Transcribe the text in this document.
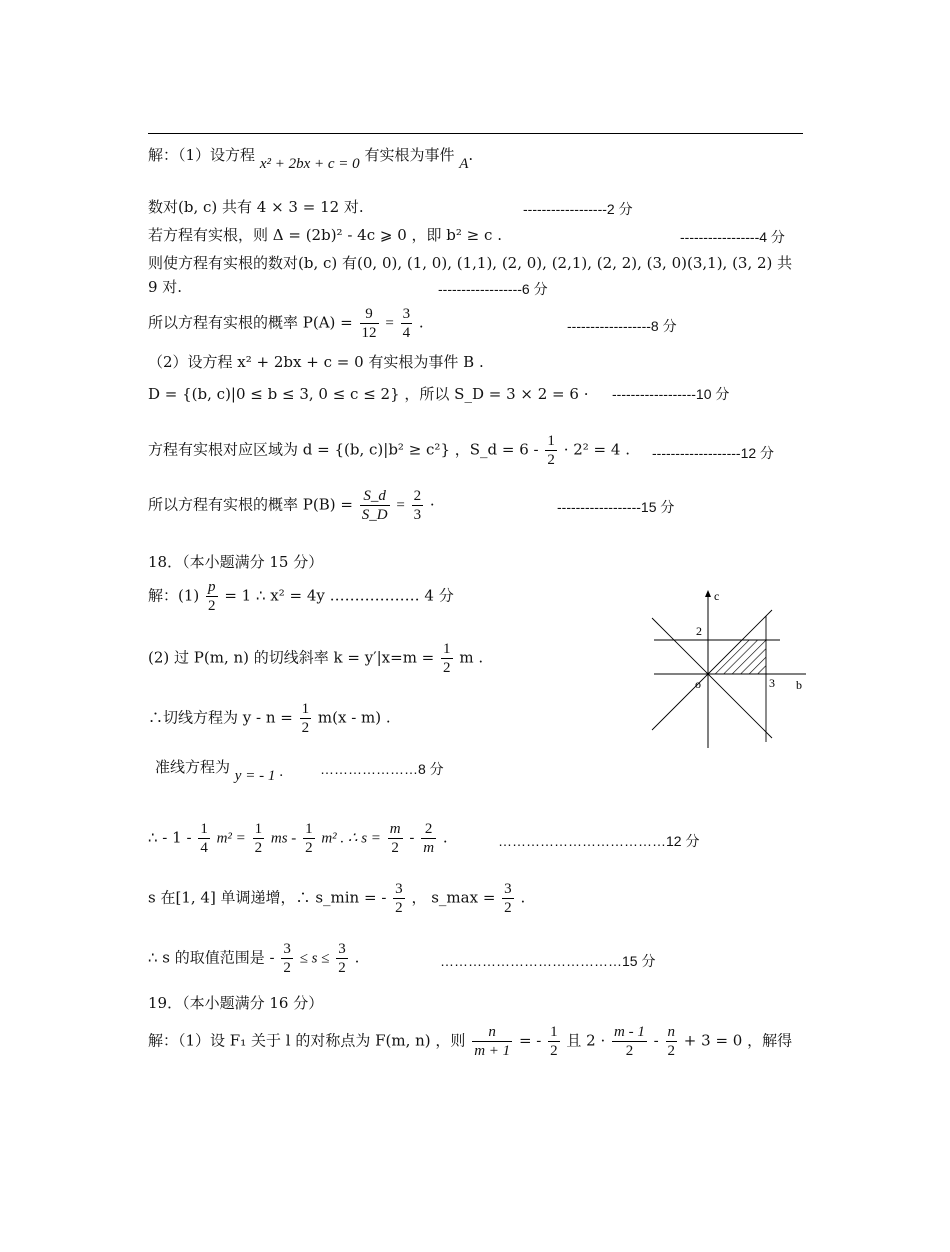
解：（1）设方程 x² + 2bx + c = 0 有实根为事件 A.
数对(b, c) 共有 4 × 3 = 12 对.	------------------2 分
若方程有实根，则 Δ = (2b)² - 4c ⩾ 0 ，即 b² ≥ c .	-----------------4 分
则使方程有实根的数对(b, c) 有(0, 0), (1, 0), (1,1), (2, 0), (2,1), (2, 2), (3, 0)(3,1), (3, 2) 共
9 对.	------------------6 分
所以方程有实根的概率 $P(A) = \frac{9}{12} = \frac{3}{4}$ .	------------------8 分
（2）设方程 x² + 2bx + c = 0 有实根为事件 B .
D = {(b, c)|0 ≤ b ≤ 3, 0 ≤ c ≤ 2} ，所以 S_D = 3 × 2 = 6 · ------------------10 分
方程有实根对应区域为 d = {(b, c)|b² ≥ c²} ，S_d = $6 - \frac{1}{2} \cdot 2^2 = 4$ . -------------------12 分
所以方程有实根的概率 $P(B) = \frac{S\_d}{S\_D} = \frac{2}{3}$ ·	------------------15 分
18．（本小题满分 15 分）
解：$(1) \frac{p}{2} = 1$ ∴ x² = 4y ……………… 4 分
(2) 过 P(m, n) 的切线斜率 $k = y'|x=m = \frac{1}{2}$ m .
∴切线方程为 $y - n = \frac{1}{2} m(x - m)$ .
准线方程为 y = - 1 ·	…………………8 分
∴ - $1 - \frac{1}{4} m^2 = \frac{1}{2}$ ms - $\frac{1}{2} m^2$ . ∴ $s = \frac{m}{2} - \frac{2}{m}$ .	………………………………12 分
s 在[1, 4] 单调递增，∴ s_min = - $\frac{3}{2}$ ， s_max = $\frac{3}{2}$ .
∴ s 的取值范围是 - $\frac{3}{2} \le s \le \frac{3}{2}$ .	…………………………………15 分
19．（本小题满分 16 分）
解：（1）设 F₁ 关于 l 的对称点为 F(m, n) ，则 $\frac{n}{m + 1}$ = - $\frac{1}{2}$ 且 $2 \cdot \frac{m - 1}{2} - \frac{n}{2} + 3 = 0$ ，解得
c
b
o	3
2
